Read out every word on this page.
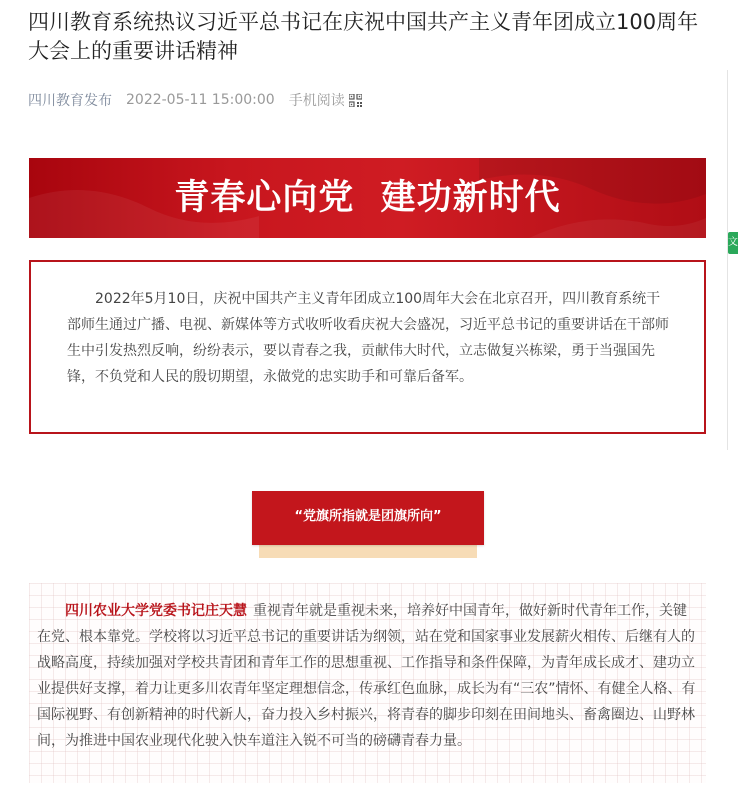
四川教育系统热议习近平总书记在庆祝中国共产主义青年团成立100周年大会上的重要讲话精神
四川教育发布 2022-05-11 15:00:00 手机阅读
文
青春心向党  建功新时代

2022年5月10日，庆祝中国共产主义青年团成立100周年大会在北京召开，四川教育系统干部师生通过广播、电视、新媒体等方式收听收看庆祝大会盛况，习近平总书记的重要讲话在干部师生中引发热烈反响，纷纷表示，要以青春之我，贡献伟大时代，立志做复兴栋梁，勇于当强国先锋，不负党和人民的殷切期望，永做党的忠实助手和可靠后备军。

“党旗所指就是团旗所向”

四川农业大学党委书记庄天慧 重视青年就是重视未来，培养好中国青年，做好新时代青年工作，关键在党、根本靠党。学校将以习近平总书记的重要讲话为纲领，站在党和国家事业发展薪火相传、后继有人的战略高度，持续加强对学校共青团和青年工作的思想重视、工作指导和条件保障，为青年成长成才、建功立业提供好支撑，着力让更多川农青年坚定理想信念，传承红色血脉，成长为有“三农”情怀、有健全人格、有国际视野、有创新精神的时代新人，奋力投入乡村振兴，将青春的脚步印刻在田间地头、畜禽圈边、山野林间，为推进中国农业现代化驶入快车道注入锐不可当的磅礴青春力量。
